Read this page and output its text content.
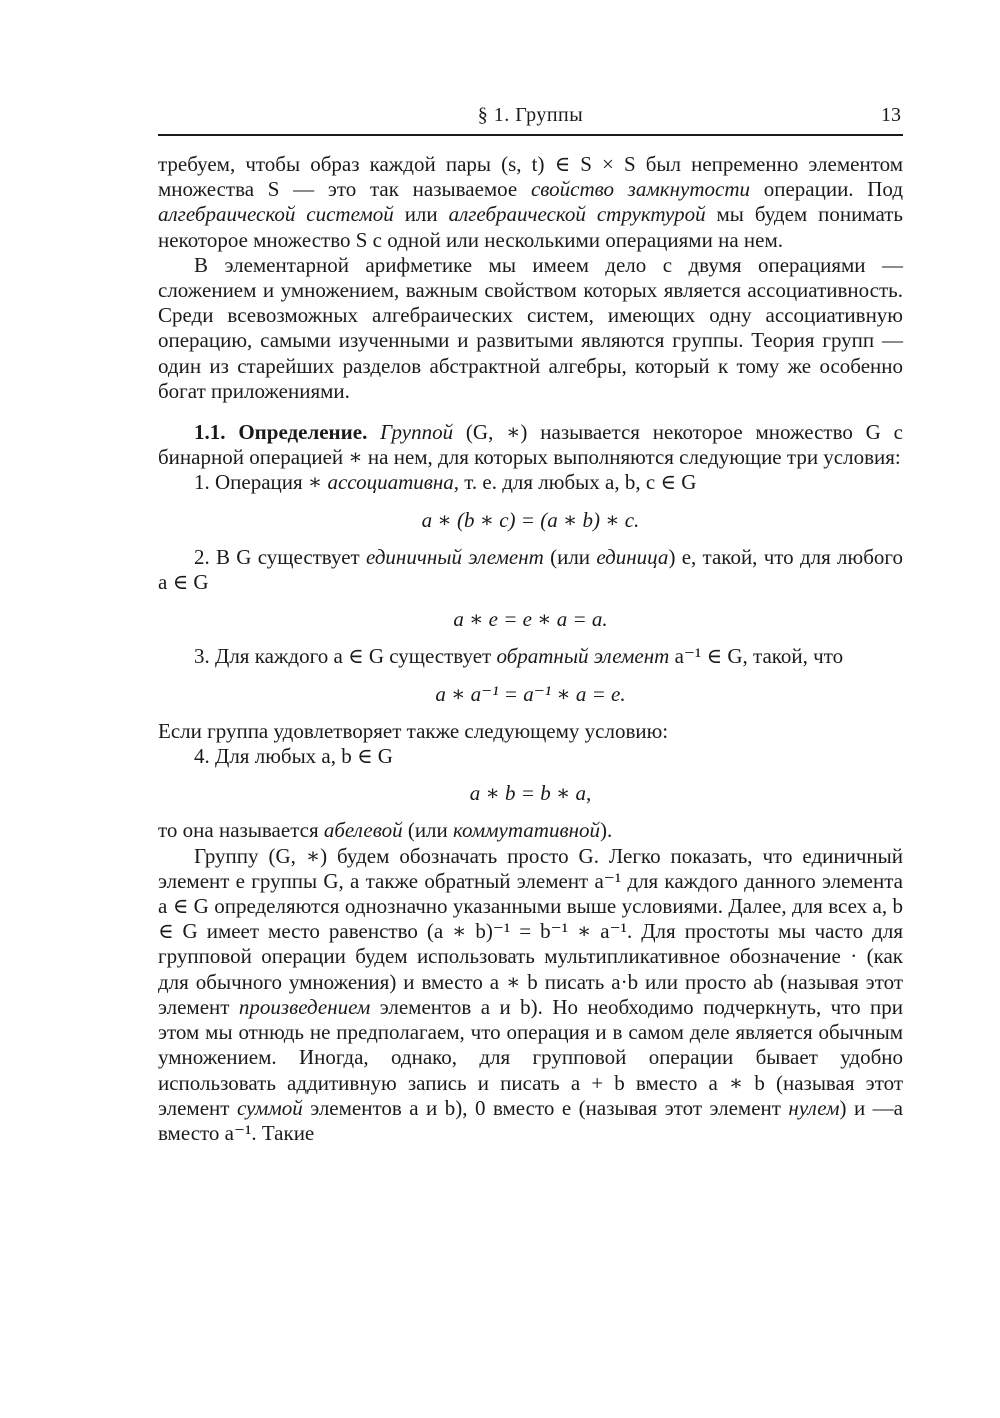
§ 1. Группы	13

требуем, чтобы образ каждой пары (s, t) ∈ S × S был непременно элементом множества S — это так называемое свойство замкнутости операции. Под алгебраической системой или алгебраической структурой мы будем понимать некоторое множество S с одной или несколькими операциями на нем.

В элементарной арифметике мы имеем дело с двумя операциями — сложением и умножением, важным свойством которых является ассоциативность. Среди всевозможных алгебраических систем, имеющих одну ассоциативную операцию, самыми изученными и развитыми являются группы. Теория групп — один из старейших разделов абстрактной алгебры, который к тому же особенно богат приложениями.

1.1. Определение. Группой (G, ∗) называется некоторое множество G с бинарной операцией ∗ на нем, для которых выполняются следующие три условия:

1. Операция ∗ ассоциативна, т. е. для любых a, b, c ∈ G

a ∗ (b ∗ c) = (a ∗ b) ∗ c.

2. В G существует единичный элемент (или единица) e, такой, что для любого a ∈ G

a ∗ e = e ∗ a = a.

3. Для каждого a ∈ G существует обратный элемент a⁻¹ ∈ G, такой, что

a ∗ a⁻¹ = a⁻¹ ∗ a = e.

Если группа удовлетворяет также следующему условию:

4. Для любых a, b ∈ G

a ∗ b = b ∗ a,

то она называется абелевой (или коммутативной).

Группу (G, ∗) будем обозначать просто G. Легко показать, что единичный элемент e группы G, а также обратный элемент a⁻¹ для каждого данного элемента a ∈ G определяются однозначно указанными выше условиями. Далее, для всех a, b ∈ G имеет место равенство (a ∗ b)⁻¹ = b⁻¹ ∗ a⁻¹. Для простоты мы часто для групповой операции будем использовать мультипликативное обозначение · (как для обычного умножения) и вместо a ∗ b писать a·b или просто ab (называя этот элемент произведением элементов a и b). Но необходимо подчеркнуть, что при этом мы отнюдь не предполагаем, что операция и в самом деле является обычным умножением. Иногда, однако, для групповой операции бывает удобно использовать аддитивную запись и писать a + b вместо a ∗ b (называя этот элемент суммой элементов a и b), 0 вместо e (называя этот элемент нулем) и —a вместо a⁻¹. Такие
